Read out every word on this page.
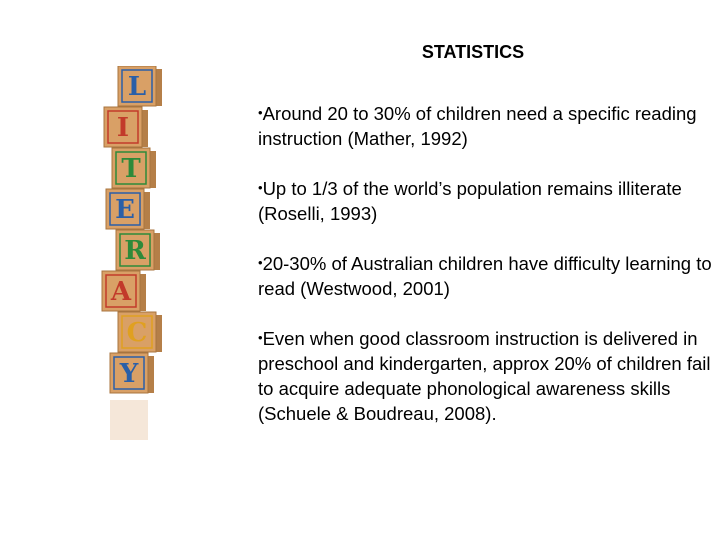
L
I
T
E
R
A
C
Y
STATISTICS
•Around 20 to 30% of children need a specific reading instruction (Mather, 1992)
•Up to 1/3 of the world’s population remains illiterate (Roselli, 1993)
•20-30% of Australian children have difficulty learning to read (Westwood, 2001)
•Even when good classroom instruction is delivered in preschool and kindergarten, approx 20% of children fail to acquire adequate phonological awareness skills (Schuele & Boudreau, 2008).
